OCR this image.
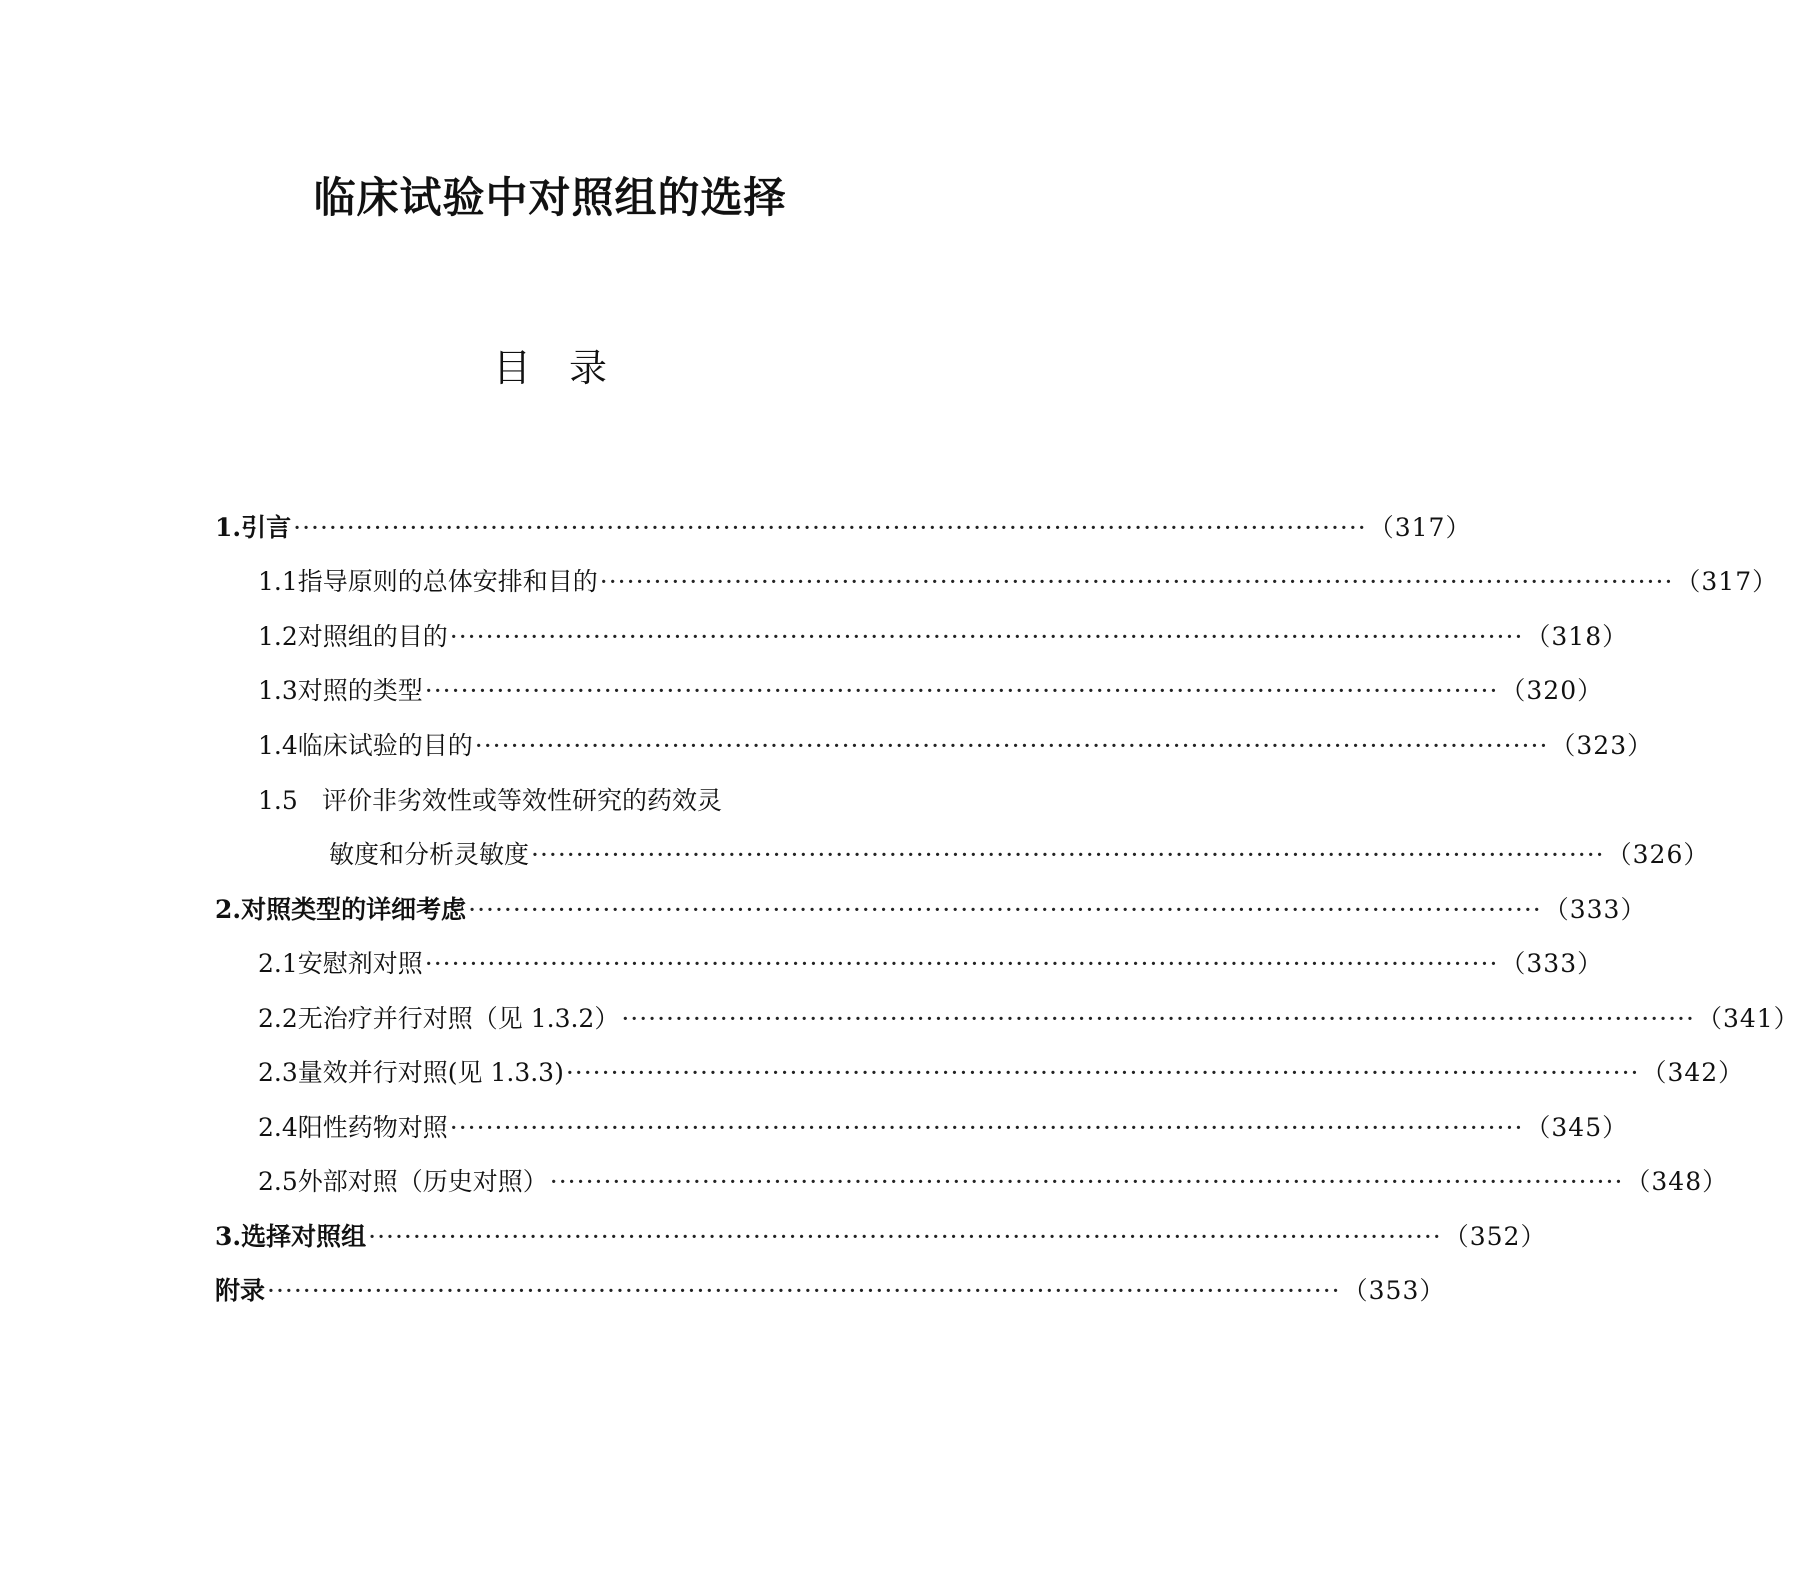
临床试验中对照组的选择
目　录
1. 引言 ························································································································ （317）
1.1 指导原则的总体安排和目的 ························································································································ （317）
1.2 对照组的目的 ························································································································ （318）
1.3 对照的类型 ························································································································ （320）
1.4 临床试验的目的 ························································································································ （323）
1.5 评价非劣效性或等效性研究的药效灵
敏度和分析灵敏度 ························································································································ （326）
2. 对照类型的详细考虑 ························································································································ （333）
2.1 安慰剂对照 ························································································································ （333）
2.2 无治疗并行对照（见 1.3.2） ························································································································ （341）
2.3 量效并行对照(见 1.3.3) ························································································································ （342）
2.4 阳性药物对照 ························································································································ （345）
2.5 外部对照（历史对照） ························································································································ （348）
3. 选择对照组 ························································································································ （352）
附录 ························································································································ （353）
